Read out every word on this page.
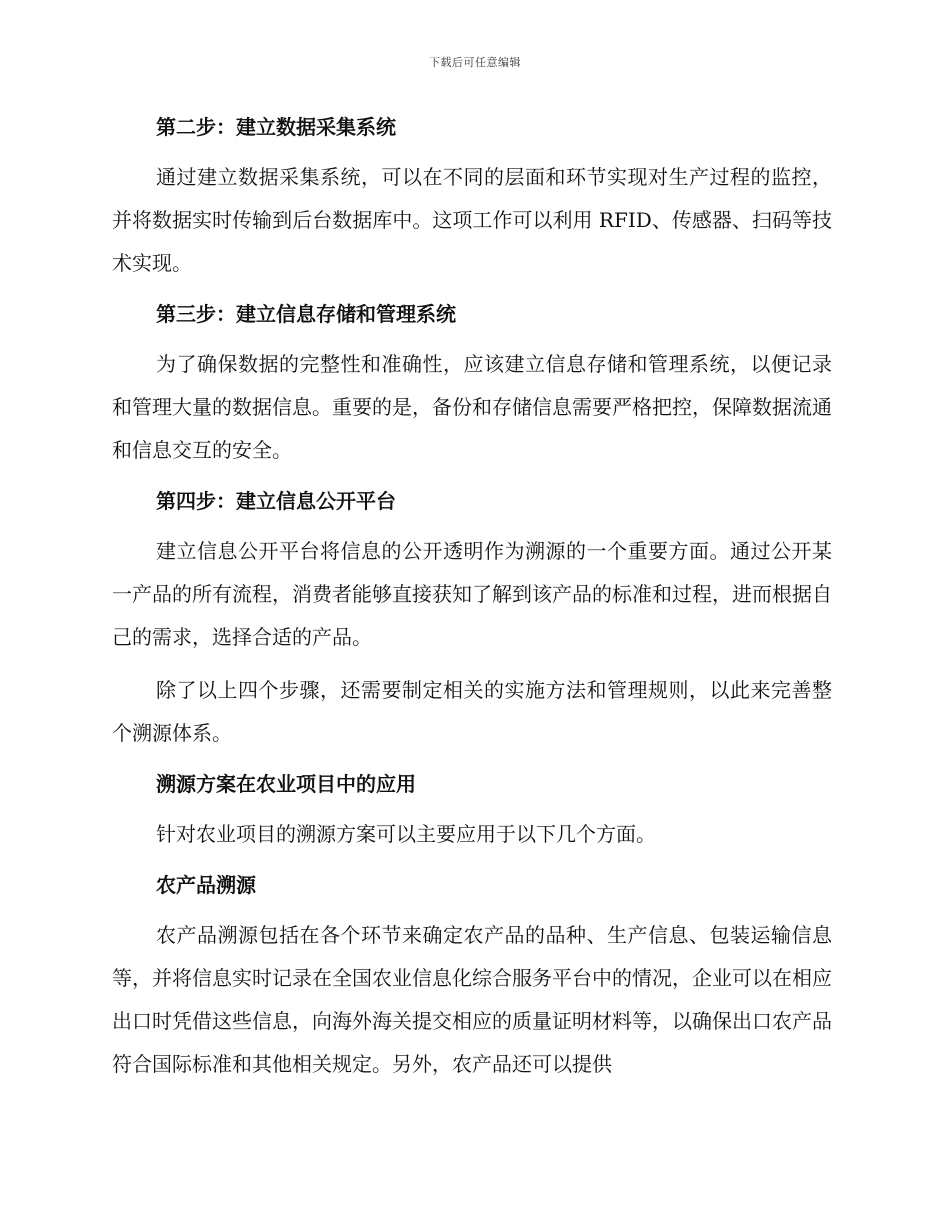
下载后可任意编辑
第二步：建立数据采集系统

通过建立数据采集系统，可以在不同的层面和环节实现对生产过程的监控，并将数据实时传输到后台数据库中。这项工作可以利用 RFID、传感器、扫码等技术实现。

第三步：建立信息存储和管理系统

为了确保数据的完整性和准确性，应该建立信息存储和管理系统，以便记录和管理大量的数据信息。重要的是，备份和存储信息需要严格把控，保障数据流通和信息交互的安全。

第四步：建立信息公开平台

建立信息公开平台将信息的公开透明作为溯源的一个重要方面。通过公开某一产品的所有流程，消费者能够直接获知了解到该产品的标准和过程，进而根据自己的需求，选择合适的产品。

除了以上四个步骤，还需要制定相关的实施方法和管理规则，以此来完善整个溯源体系。

溯源方案在农业项目中的应用

针对农业项目的溯源方案可以主要应用于以下几个方面。

农产品溯源

农产品溯源包括在各个环节来确定农产品的品种、生产信息、包装运输信息等，并将信息实时记录在全国农业信息化综合服务平台中的情况，企业可以在相应出口时凭借这些信息，向海外海关提交相应的质量证明材料等，以确保出口农产品符合国际标准和其他相关规定。另外，农产品还可以提供
